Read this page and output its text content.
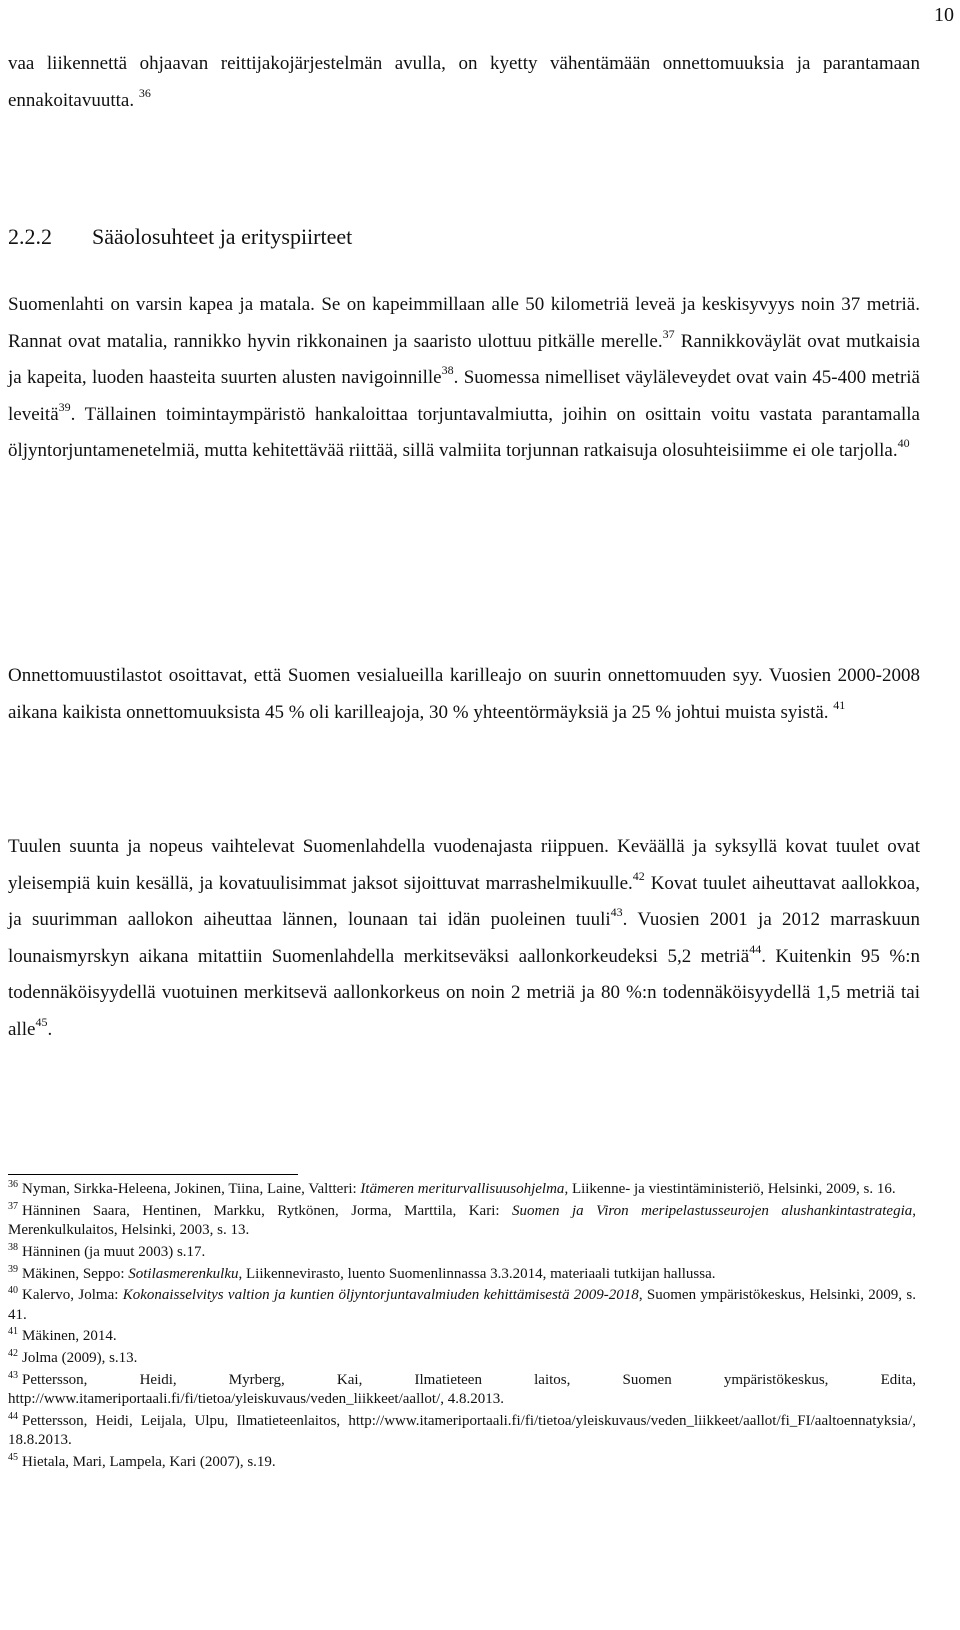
10

vaa liikennettä ohjaavan reittijakojärjestelmän avulla, on kyetty vähentämään onnettomuuksia ja parantamaan ennakoitavuutta. $^{36}$

2.2.2 Sääolosuhteet ja erityspiirteet

Suomenlahti on varsin kapea ja matala. Se on kapeimmillaan alle 50 kilometriä leveä ja keskisyvyys noin 37 metriä. Rannat ovat matalia, rannikko hyvin rikkonainen ja saaristo ulottuu pitkälle merelle.$^{37}$ Rannikkoväylät ovat mutkaisia ja kapeita, luoden haasteita suurten alusten navigoinnille$^{38}$. Suomessa nimelliset väyläleveydet ovat vain 45-400 metriä leveitä$^{39}$. Tällainen toimintaympäristö hankaloittaa torjuntavalmiutta, joihin on osittain voitu vastata parantamalla öljyntorjuntamenetelmiä, mutta kehitettävää riittää, sillä valmiita torjunnan ratkaisuja olosuhteisiimme ei ole tarjolla.$^{40}$

Onnettomuustilastot osoittavat, että Suomen vesialueilla karilleajo on suurin onnettomuuden syy. Vuosien 2000-2008 aikana kaikista onnettomuuksista 45 % oli karilleajoja, 30 % yhteentörmäyksiä ja 25 % johtui muista syistä. $^{41}$

Tuulen suunta ja nopeus vaihtelevat Suomenlahdella vuodenajasta riippuen. Keväällä ja syksyllä kovat tuulet ovat yleisempiä kuin kesällä, ja kovatuulisimmat jaksot sijoittuvat marrashelmikuulle.$^{42}$ Kovat tuulet aiheuttavat aallokkoa, ja suurimman aallokon aiheuttaa lännen, lounaan tai idän puoleinen tuuli$^{43}$. Vuosien 2001 ja 2012 marraskuun lounaismyrskyn aikana mitattiin Suomenlahdella merkitseväksi aallonkorkeudeksi 5,2 metriä$^{44}$. Kuitenkin 95 %:n todennäköisyydellä vuotuinen merkitsevä aallonkorkeus on noin 2 metriä ja 80 %:n todennäköisyydellä 1,5 metriä tai alle$^{45}$.

$^{36}$ Nyman, Sirkka-Heleena, Jokinen, Tiina, Laine, Valtteri: Itämeren meriturvallisuusohjelma, Liikenne- ja viestintäministeriö, Helsinki, 2009, s. 16.

$^{37}$ Hänninen Saara, Hentinen, Markku, Rytkönen, Jorma, Marttila, Kari: Suomen ja Viron meripelastusseurojen alushankintastrategia, Merenkulkulaitos, Helsinki, 2003, s. 13.

$^{38}$ Hänninen (ja muut 2003) s.17.

$^{39}$ Mäkinen, Seppo: Sotilasmerenkulku, Liikennevirasto, luento Suomenlinnassa 3.3.2014, materiaali tutkijan hallussa.

$^{40}$ Kalervo, Jolma: Kokonaisselvitys valtion ja kuntien öljyntorjuntavalmiuden kehittämisestä 2009-2018, Suomen ympäristökeskus, Helsinki, 2009, s. 41.

$^{41}$ Mäkinen, 2014.

$^{42}$ Jolma (2009), s.13.

$^{43}$ Pettersson, Heidi, Myrberg, Kai, Ilmatieteen laitos, Suomen ympäristökeskus, Edita, http://www.itameriportaali.fi/fi/tietoa/yleiskuvaus/veden_liikkeet/aallot/, 4.8.2013.

$^{44}$ Pettersson, Heidi, Leijala, Ulpu, Ilmatieteenlaitos, http://www.itameriportaali.fi/fi/tietoa/yleiskuvaus/veden_liikkeet/aallot/fi_FI/aaltoennatyksia/, 18.8.2013.

$^{45}$ Hietala, Mari, Lampela, Kari (2007), s.19.
